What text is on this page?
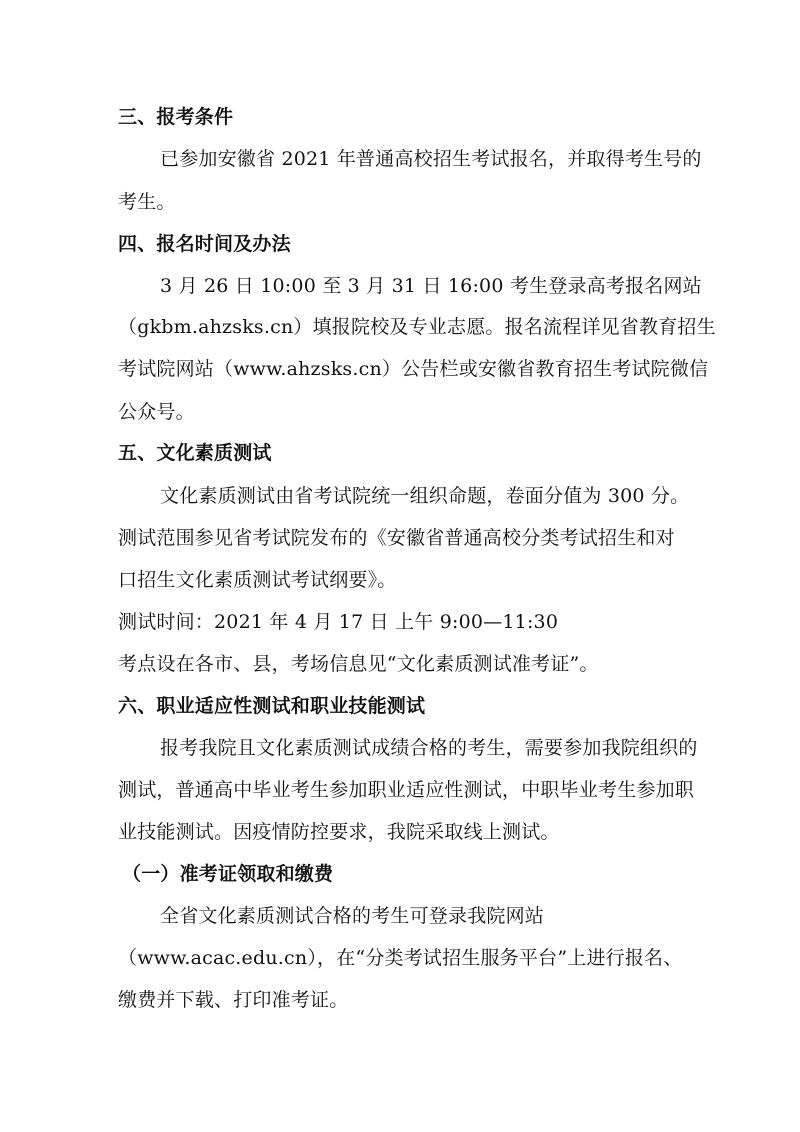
三、报考条件
已参加安徽省 2021 年普通高校招生考试报名，并取得考生号的
考生。
四、报名时间及办法
3 月 26 日 10:00 至 3 月 31 日 16:00 考生登录高考报名网站
（gkbm.ahzsks.cn）填报院校及专业志愿。报名流程详见省教育招生
考试院网站（www.ahzsks.cn）公告栏或安徽省教育招生考试院微信
公众号。
五、文化素质测试
文化素质测试由省考试院统一组织命题，卷面分值为 300 分。
测试范围参见省考试院发布的《安徽省普通高校分类考试招生和对
口招生文化素质测试考试纲要》。
测试时间：2021 年 4 月 17 日 上午 9:00—11:30
考点设在各市、县，考场信息见“文化素质测试准考证”。
六、职业适应性测试和职业技能测试
报考我院且文化素质测试成绩合格的考生，需要参加我院组织的
测试，普通高中毕业考生参加职业适应性测试，中职毕业考生参加职
业技能测试。因疫情防控要求，我院采取线上测试。
（一）准考证领取和缴费
全省文化素质测试合格的考生可登录我院网站
（www.acac.edu.cn），在“分类考试招生服务平台”上进行报名、
缴费并下载、打印准考证。
